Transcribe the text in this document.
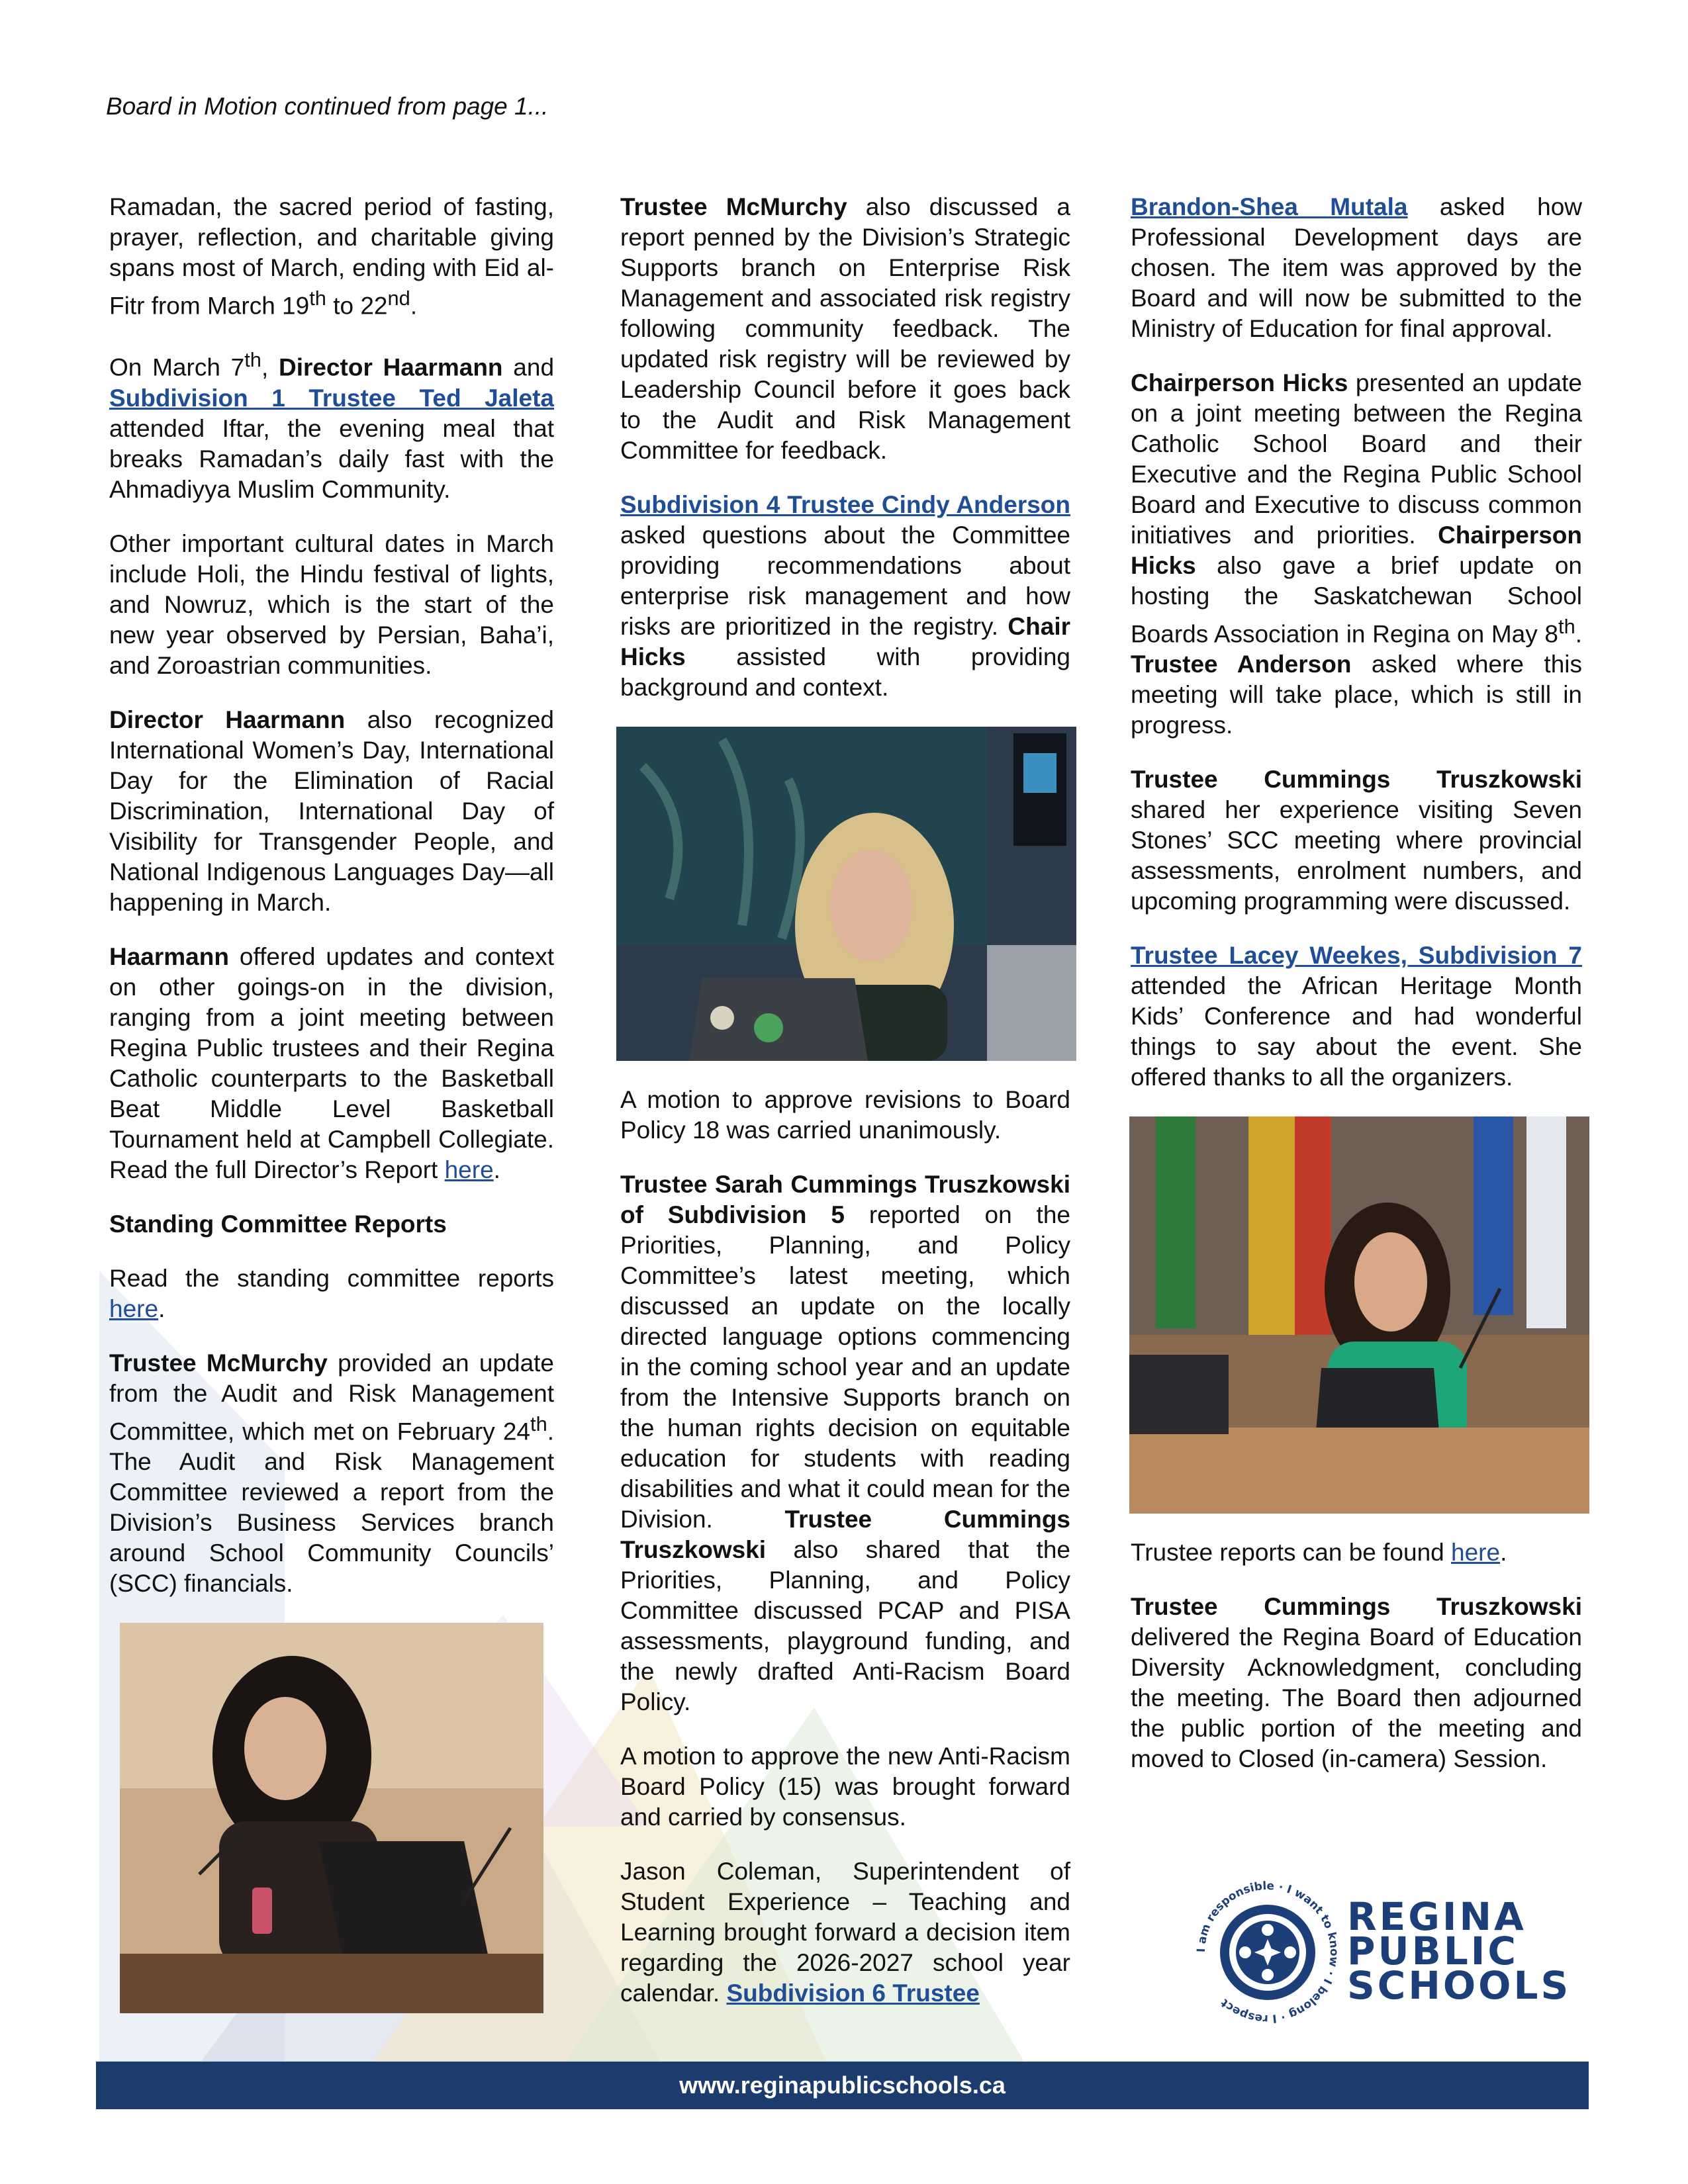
Board in Motion continued from page 1...

Ramadan, the sacred period of fasting, prayer, reflection, and charitable giving spans most of March, ending with Eid al-Fitr from March 19th to 22nd.

On March 7th, Director Haarmann and Subdivision 1 Trustee Ted Jaleta attended Iftar, the evening meal that breaks Ramadan’s daily fast with the Ahmadiyya Muslim Community.

Other important cultural dates in March include Holi, the Hindu festival of lights, and Nowruz, which is the start of the new year observed by Persian, Baha’i, and Zoroastrian communities.

Director Haarmann also recognized International Women’s Day, International Day for the Elimination of Racial Discrimination, International Day of Visibility for Transgender People, and National Indigenous Languages Day—all happening in March.

Haarmann offered updates and context on other goings-on in the division, ranging from a joint meeting between Regina Public trustees and their Regina Catholic counterparts to the Basketball Beat Middle Level Basketball Tournament held at Campbell Collegiate. Read the full Director’s Report here.

Standing Committee Reports

Read the standing committee reports here.

Trustee McMurchy provided an update from the Audit and Risk Management Committee, which met on February 24th. The Audit and Risk Management Committee reviewed a report from the Division’s Business Services branch around School Community Councils’ (SCC) financials.

Trustee McMurchy also discussed a report penned by the Division’s Strategic Supports branch on Enterprise Risk Management and associated risk registry following community feedback. The updated risk registry will be reviewed by Leadership Council before it goes back to the Audit and Risk Management Committee for feedback.

Subdivision 4 Trustee Cindy Anderson asked questions about the Committee providing recommendations about enterprise risk management and how risks are prioritized in the registry. Chair Hicks assisted with providing background and context.

A motion to approve revisions to Board Policy 18 was carried unanimously.

Trustee Sarah Cummings Truszkowski of Subdivision 5 reported on the Priorities, Planning, and Policy Committee’s latest meeting, which discussed an update on the locally directed language options commencing in the coming school year and an update from the Intensive Supports branch on the human rights decision on equitable education for students with reading disabilities and what it could mean for the Division. Trustee Cummings Truszkowski also shared that the Priorities, Planning, and Policy Committee discussed PCAP and PISA assessments, playground funding, and the newly drafted Anti-Racism Board Policy.

A motion to approve the new Anti-Racism Board Policy (15) was brought forward and carried by consensus.

Jason Coleman, Superintendent of Student Experience – Teaching and Learning brought forward a decision item regarding the 2026-2027 school year calendar. Subdivision 6 Trustee

Brandon-Shea Mutala asked how Professional Development days are chosen. The item was approved by the Board and will now be submitted to the Ministry of Education for final approval.

Chairperson Hicks presented an update on a joint meeting between the Regina Catholic School Board and their Executive and the Regina Public School Board and Executive to discuss common initiatives and priorities. Chairperson Hicks also gave a brief update on hosting the Saskatchewan School Boards Association in Regina on May 8th. Trustee Anderson asked where this meeting will take place, which is still in progress.

Trustee Cummings Truszkowski shared her experience visiting Seven Stones’ SCC meeting where provincial assessments, enrolment numbers, and upcoming programming were discussed.

Trustee Lacey Weekes, Subdivision 7 attended the African Heritage Month Kids’ Conference and had wonderful things to say about the event. She offered thanks to all the organizers.

Trustee reports can be found here.

Trustee Cummings Truszkowski delivered the Regina Board of Education Diversity Acknowledgment, concluding the meeting. The Board then adjourned the public portion of the meeting and moved to Closed (in-camera) Session.

I am responsible · I want to know · I belong · I respect
REGINA
PUBLIC
SCHOOLS
www.reginapublicschools.ca
